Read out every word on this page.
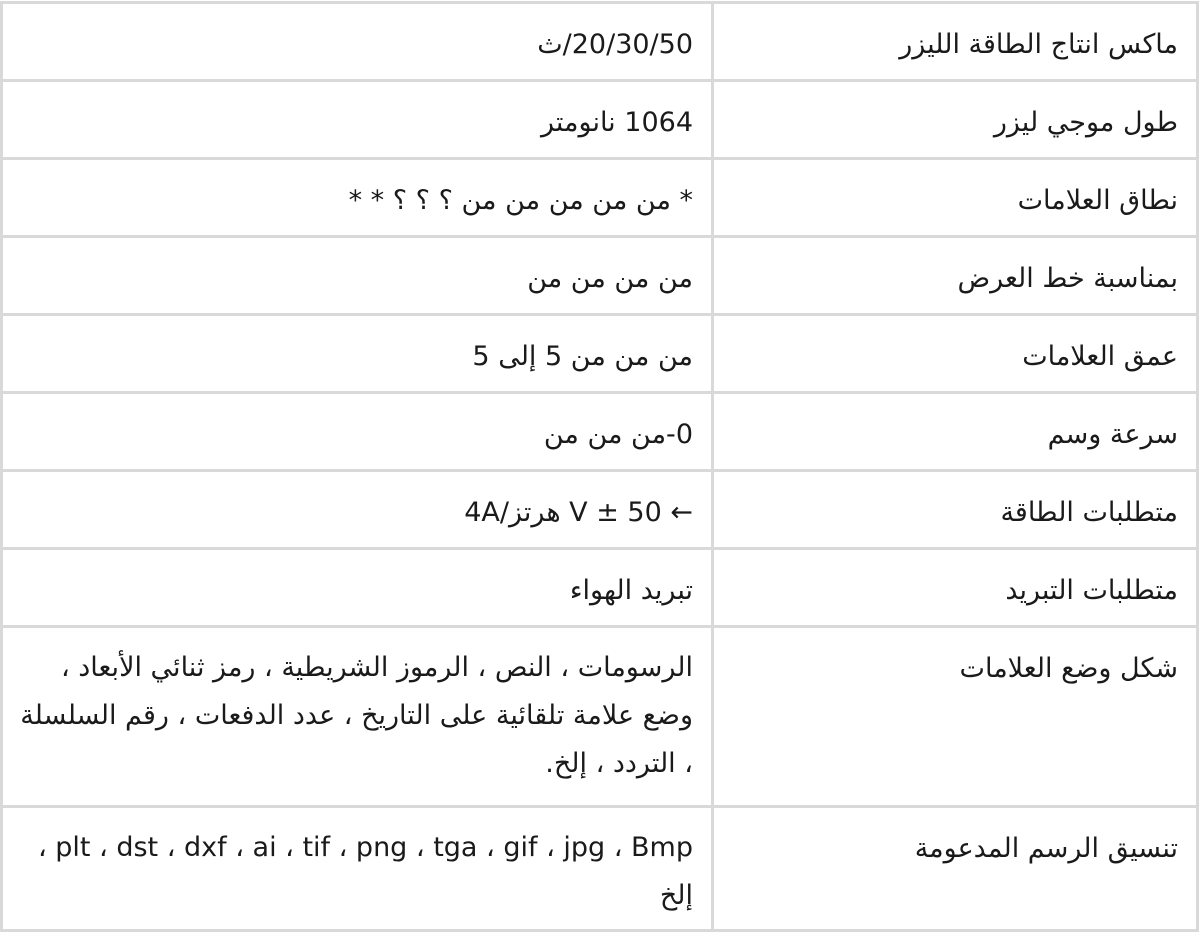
ماكس انتاج الطاقة الليزر	20/30/50/ث
طول موجي ليزر	1064 نانومتر
نطاق العلامات	* من من من من من ؟ ؟ ؟ * *
بمناسبة خط العرض	من من من من
عمق العلامات	من من من 5 إلى 5
سرعة وسم	0-من من من
متطلبات الطاقة	← 50 ± V هرتز/4A
متطلبات التبريد	تبريد الهواء
شكل وضع العلامات	الرسومات ، النص ، الرموز الشريطية ، رمز ثنائي الأبعاد ، وضع علامة تلقائية على التاريخ ، عدد الدفعات ، رقم السلسلة ، التردد ، إلخ.
تنسيق الرسم المدعومة	plt ، dst ، dxf ، ai ، tif ، png ، tga ، gif ، jpg ، Bmp ، إلخ
